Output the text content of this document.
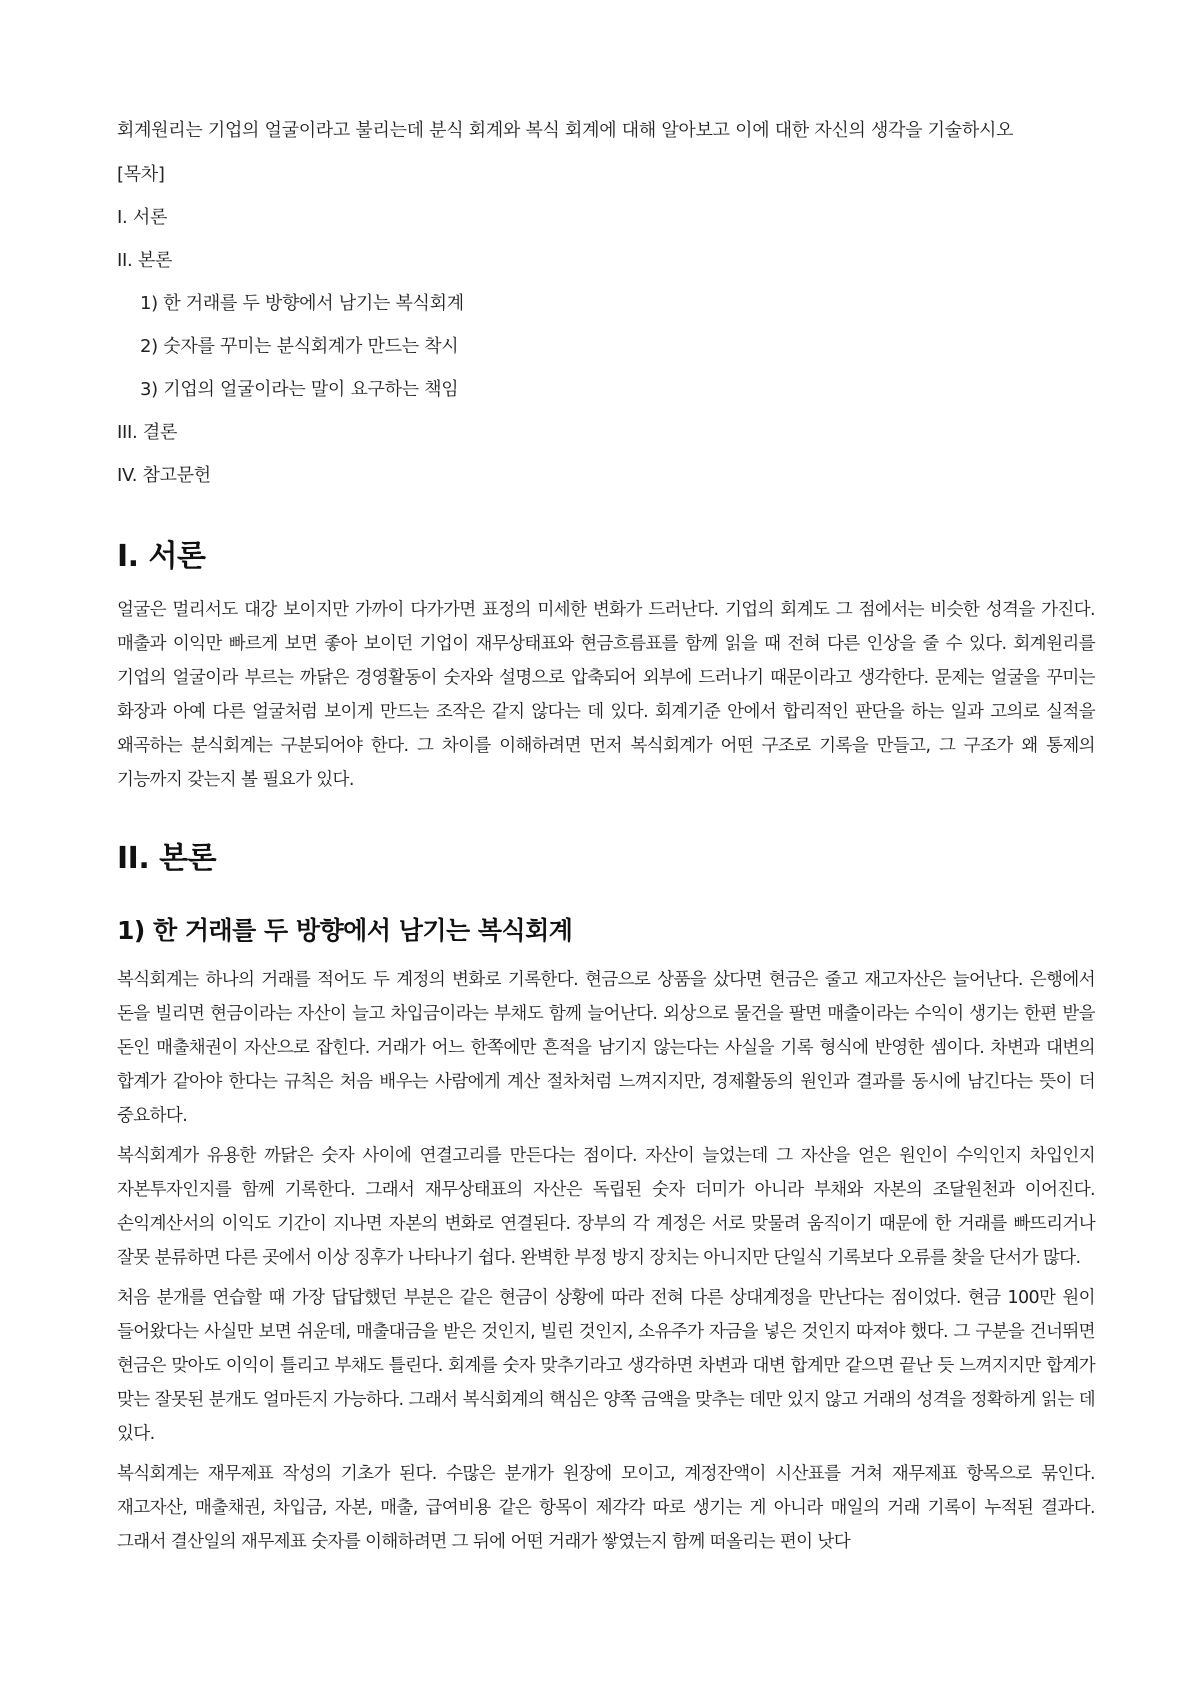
회계원리는 기업의 얼굴이라고 불리는데 분식 회계와 복식 회계에 대해 알아보고 이에 대한 자신의 생각을 기술하시오

[목차]
I. 서론
II. 본론
1) 한 거래를 두 방향에서 남기는 복식회계
2) 숫자를 꾸미는 분식회계가 만드는 착시
3) 기업의 얼굴이라는 말이 요구하는 책임
III. 결론
IV. 참고문헌
I. 서론

얼굴은 멀리서도 대강 보이지만 가까이 다가가면 표정의 미세한 변화가 드러난다. 기업의 회계도 그 점에서는 비슷한 성격을 가진다. 매출과 이익만 빠르게 보면 좋아 보이던 기업이 재무상태표와 현금흐름표를 함께 읽을 때 전혀 다른 인상을 줄 수 있다. 회계원리를 기업의 얼굴이라 부르는 까닭은 경영활동이 숫자와 설명으로 압축되어 외부에 드러나기 때문이라고 생각한다. 문제는 얼굴을 꾸미는 화장과 아예 다른 얼굴처럼 보이게 만드는 조작은 같지 않다는 데 있다. 회계기준 안에서 합리적인 판단을 하는 일과 고의로 실적을 왜곡하는 분식회계는 구분되어야 한다. 그 차이를 이해하려면 먼저 복식회계가 어떤 구조로 기록을 만들고, 그 구조가 왜 통제의 기능까지 갖는지 볼 필요가 있다.

II. 본론
1) 한 거래를 두 방향에서 남기는 복식회계

복식회계는 하나의 거래를 적어도 두 계정의 변화로 기록한다. 현금으로 상품을 샀다면 현금은 줄고 재고자산은 늘어난다. 은행에서 돈을 빌리면 현금이라는 자산이 늘고 차입금이라는 부채도 함께 늘어난다. 외상으로 물건을 팔면 매출이라는 수익이 생기는 한편 받을 돈인 매출채권이 자산으로 잡힌다. 거래가 어느 한쪽에만 흔적을 남기지 않는다는 사실을 기록 형식에 반영한 셈이다. 차변과 대변의 합계가 같아야 한다는 규칙은 처음 배우는 사람에게 계산 절차처럼 느껴지지만, 경제활동의 원인과 결과를 동시에 남긴다는 뜻이 더 중요하다.

복식회계가 유용한 까닭은 숫자 사이에 연결고리를 만든다는 점이다. 자산이 늘었는데 그 자산을 얻은 원인이 수익인지 차입인지 자본투자인지를 함께 기록한다. 그래서 재무상태표의 자산은 독립된 숫자 더미가 아니라 부채와 자본의 조달원천과 이어진다. 손익계산서의 이익도 기간이 지나면 자본의 변화로 연결된다. 장부의 각 계정은 서로 맞물려 움직이기 때문에 한 거래를 빠뜨리거나 잘못 분류하면 다른 곳에서 이상 징후가 나타나기 쉽다. 완벽한 부정 방지 장치는 아니지만 단일식 기록보다 오류를 찾을 단서가 많다.

처음 분개를 연습할 때 가장 답답했던 부분은 같은 현금이 상황에 따라 전혀 다른 상대계정을 만난다는 점이었다. 현금 100만 원이 들어왔다는 사실만 보면 쉬운데, 매출대금을 받은 것인지, 빌린 것인지, 소유주가 자금을 넣은 것인지 따져야 했다. 그 구분을 건너뛰면 현금은 맞아도 이익이 틀리고 부채도 틀린다. 회계를 숫자 맞추기라고 생각하면 차변과 대변 합계만 같으면 끝난 듯 느껴지지만 합계가 맞는 잘못된 분개도 얼마든지 가능하다. 그래서 복식회계의 핵심은 양쪽 금액을 맞추는 데만 있지 않고 거래의 성격을 정확하게 읽는 데 있다.

복식회계는 재무제표 작성의 기초가 된다. 수많은 분개가 원장에 모이고, 계정잔액이 시산표를 거쳐 재무제표 항목으로 묶인다. 재고자산, 매출채권, 차입금, 자본, 매출, 급여비용 같은 항목이 제각각 따로 생기는 게 아니라 매일의 거래 기록이 누적된 결과다. 그래서 결산일의 재무제표 숫자를 이해하려면 그 뒤에 어떤 거래가 쌓였는지 함께 떠올리는 편이 낫다
